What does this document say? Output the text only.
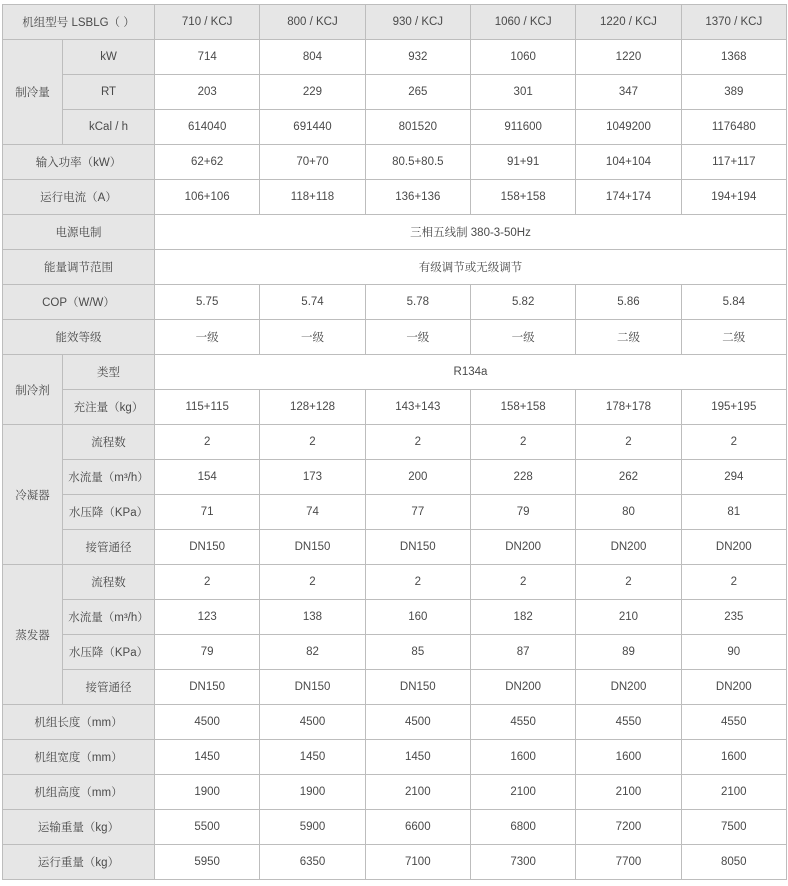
机组型号 LSBLG（ ）		710 / KCJ	800 / KCJ	930 / KCJ	1060 / KCJ	1220 / KCJ	1370 / KCJ
制冷量	kW	714	804	932	1060	1220	1368
	RT	203	229	265	301	347	389
	kCal / h	614040	691440	801520	911600	1049200	1176480
输入功率（kW）		62+62	70+70	80.5+80.5	91+91	104+104	117+117
运行电流（A）		106+106	118+118	136+136	158+158	174+174	194+194
电源电制		三相五线制 380-3-50Hz					
能量调节范围		有级调节或无级调节					
COP（W/W）		5.75	5.74	5.78	5.82	5.86	5.84
能效等级		一级	一级	一级	一级	二级	二级
制冷剂	类型	R134a					
	充注量（kg）	115+115	128+128	143+143	158+158	178+178	195+195
冷凝器	流程数	2	2	2	2	2	2
	水流量（m³/h）	154	173	200	228	262	294
	水压降（KPa）	71	74	77	79	80	81
	接管通径	DN150	DN150	DN150	DN200	DN200	DN200
蒸发器	流程数	2	2	2	2	2	2
	水流量（m³/h）	123	138	160	182	210	235
	水压降（KPa）	79	82	85	87	89	90
	接管通径	DN150	DN150	DN150	DN200	DN200	DN200
机组长度（mm）		4500	4500	4500	4550	4550	4550
机组宽度（mm）		1450	1450	1450	1600	1600	1600
机组高度（mm）		1900	1900	2100	2100	2100	2100
运输重量（kg）		5500	5900	6600	6800	7200	7500
运行重量（kg）		5950	6350	7100	7300	7700	8050
